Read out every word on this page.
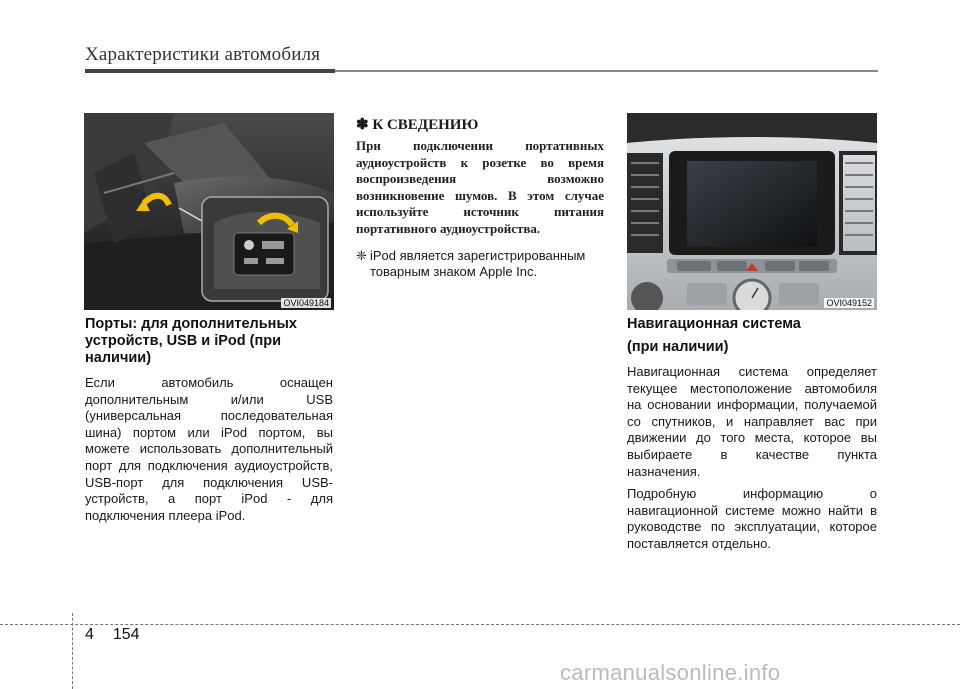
Характеристики автомобиля
OVI049184
Порты: для дополнительных устройств, USB и iPod (при наличии)

Если автомобиль оснащен дополнительным и/или USB (универсальная последовательная шина) портом или iPod портом, вы можете использовать дополнительный порт для подключения аудиоустройств, USB-порт для подключения USB-устройств, а порт iPod - для подключения плеера iPod.

✽ К СВЕДЕНИЮ

При подключении портативных аудиоустройств к розетке во время воспроизведения возможно возникновение шумов. В этом случае используйте источник питания портативного аудиоустройства.

❈ iPod является зарегистрированным товарным знаком Apple Inc.
OVI049152
Навигационная система
(при наличии)

Навигационная система определяет текущее местоположение автомобиля на основании информации, получаемой со спутников, и направляет вас при движении до того места, которое вы выбираете в качестве пункта назначения.

Подробную информацию о навигационной системе можно найти в руководстве по эксплуатации, которое поставляется отдельно.

4 154
carmanualsonline.info
